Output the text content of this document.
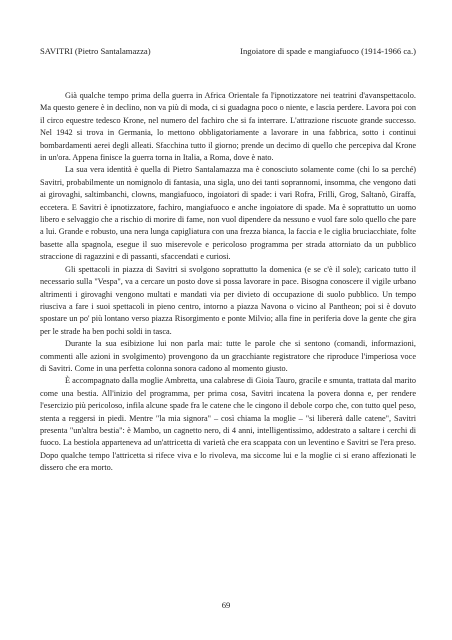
SAVITRI (Pietro Santalamazza)	Ingoiatore di spade e mangiafuoco (1914-1966 ca.)

Già qualche tempo prima della guerra in Africa Orientale fa l'ipnotizzatore nei teatrini d'avanspettacolo. Ma questo genere è in declino, non va più di moda, ci si guadagna poco o niente, e lascia perdere. Lavora poi con il circo equestre tedesco Krone, nel numero del fachiro che si fa interrare. L'attrazione riscuote grande successo. Nel 1942 si trova in Germania, lo mettono obbligatoriamente a lavorare in una fabbrica, sotto i continui bombardamenti aerei degli alleati. Sfacchina tutto il giorno; prende un decimo di quello che percepiva dal Krone in un'ora. Appena finisce la guerra torna in Italia, a Roma, dove è nato.

La sua vera identità è quella di Pietro Santalamazza ma è conosciuto solamente come (chi lo sa perché) Savitri, probabilmente un nomignolo di fantasia, una sigla, uno dei tanti soprannomi, insomma, che vengono dati ai girovaghi, saltimbanchi, clowns, mangiafuoco, ingoiatori di spade: i vari Rofra, Frilli, Grog, Saltanò, Giraffa, eccetera. E Savitri è ipnotizzatore, fachiro, mangiafuoco e anche ingoiatore di spade. Ma è soprattutto un uomo libero e selvaggio che a rischio di morire di fame, non vuol dipendere da nessuno e vuol fare solo quello che pare a lui. Grande e robusto, una nera lunga capigliatura con una frezza bianca, la faccia e le ciglia bruciacchiate, folte basette alla spagnola, esegue il suo miserevole e pericoloso programma per strada attorniato da un pubblico straccione di ragazzini e di passanti, sfaccendati e curiosi.

Gli spettacoli in piazza di Savitri si svolgono soprattutto la domenica (e se c'è il sole); caricato tutto il necessario sulla "Vespa", va a cercare un posto dove si possa lavorare in pace. Bisogna conoscere il vigile urbano altrimenti i girovaghi vengono multati e mandati via per divieto di occupazione di suolo pubblico. Un tempo riusciva a fare i suoi spettacoli in pieno centro, intorno a piazza Navona o vicino al Pantheon; poi si è dovuto spostare un po' più lontano verso piazza Risorgimento e ponte Milvio; alla fine in periferia dove la gente che gira per le strade ha ben pochi soldi in tasca.

Durante la sua esibizione lui non parla mai: tutte le parole che si sentono (comandi, informazioni, commenti alle azioni in svolgimento) provengono da un gracchiante registratore che riproduce l'imperiosa voce di Savitri. Come in una perfetta colonna sonora cadono al momento giusto.

È accompagnato dalla moglie Ambretta, una calabrese di Gioia Tauro, gracile e smunta, trattata dal marito come una bestia. All'inizio del programma, per prima cosa, Savitri incatena la povera donna e, per rendere l'esercizio più pericoloso, infila alcune spade fra le catene che le cingono il debole corpo che, con tutto quel peso, stenta a reggersi in piedi. Mentre "la mia signora" – così chiama la moglie – "si libererà dalle catene", Savitri presenta "un'altra bestia": è Mambo, un cagnetto nero, di 4 anni, intelligentissimo, addestrato a saltare i cerchi di fuoco. La bestiola apparteneva ad un'attricetta di varietà che era scappata con un leventino e Savitri se l'era preso. Dopo qualche tempo l'attricetta si rifece viva e lo rivoleva, ma siccome lui e la moglie ci si erano affezionati le dissero che era morto.

69
